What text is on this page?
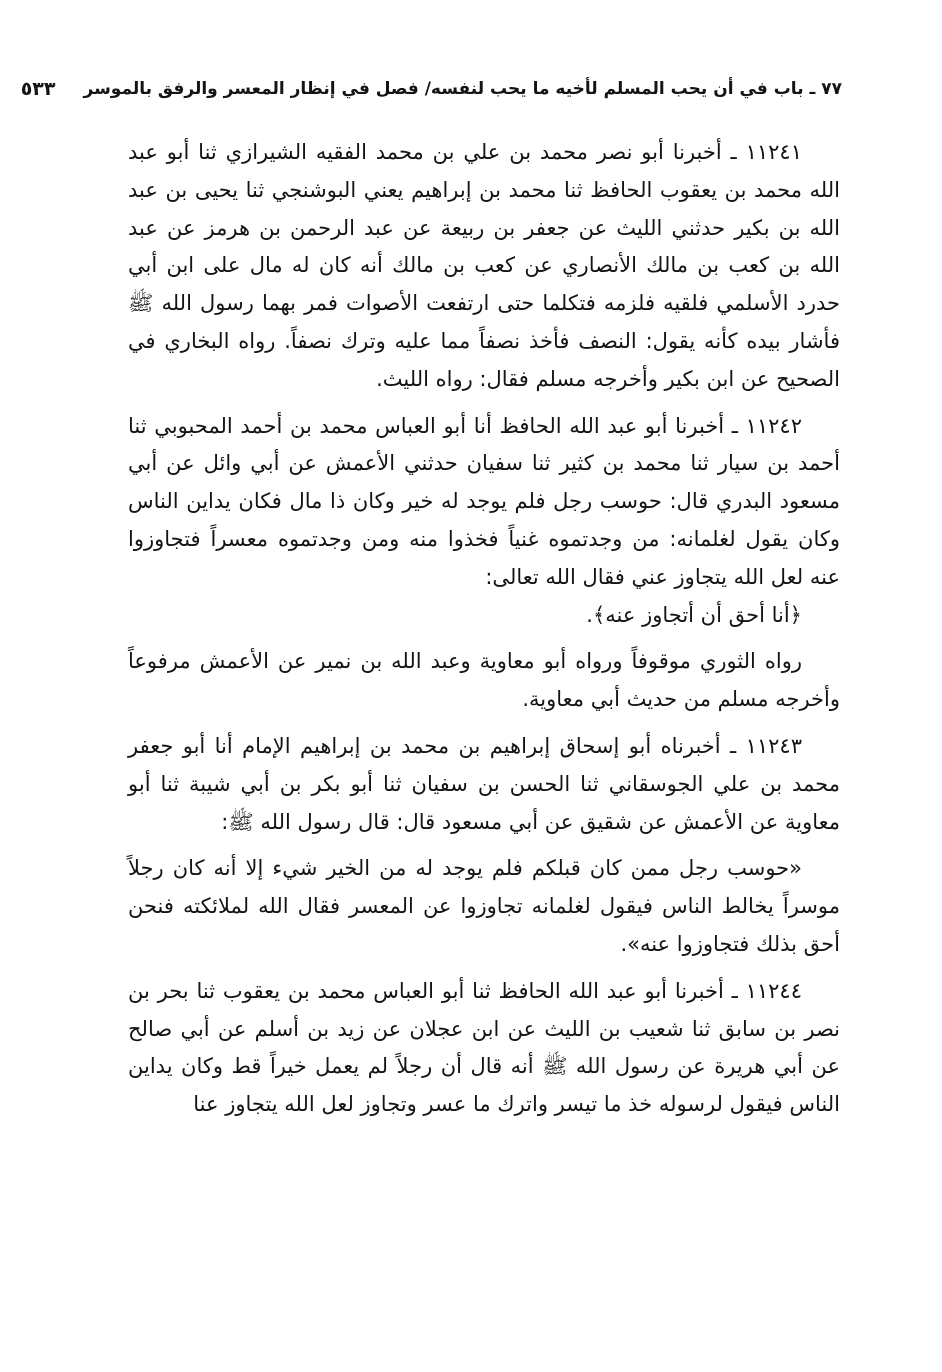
٧٧ ـ باب في أن يحب المسلم لأخيه ما يحب لنفسه/ فصل في إنظار المعسر والرفق بالموسر
٥٣٣

١١٢٤١ ـ أخبرنا أبو نصر محمد بن علي بن محمد الفقيه الشيرازي ثنا أبو عبد الله محمد بن يعقوب الحافظ ثنا محمد بن إبراهيم يعني البوشنجي ثنا يحيى بن عبد الله بن بكير حدثني الليث عن جعفر بن ربيعة عن عبد الرحمن بن هرمز عن عبد الله بن كعب بن مالك الأنصاري عن كعب بن مالك أنه كان له مال على ابن أبي حدرد الأسلمي فلقيه فلزمه فتكلما حتى ارتفعت الأصوات فمر بهما رسول الله ﷺ فأشار بيده كأنه يقول: النصف فأخذ نصفاً مما عليه وترك نصفاً. رواه البخاري في الصحيح عن ابن بكير وأخرجه مسلم فقال: رواه الليث.

١١٢٤٢ ـ أخبرنا أبو عبد الله الحافظ أنا أبو العباس محمد بن أحمد المحبوبي ثنا أحمد بن سيار ثنا محمد بن كثير ثنا سفيان حدثني الأعمش عن أبي وائل عن أبي مسعود البدري قال: حوسب رجل فلم يوجد له خير وكان ذا مال فكان يداين الناس وكان يقول لغلمانه: من وجدتموه غنياً فخذوا منه ومن وجدتموه معسراً فتجاوزوا عنه لعل الله يتجاوز عني فقال الله تعالى:

﴿أنا أحق أن أتجاوز عنه﴾.

رواه الثوري موقوفاً ورواه أبو معاوية وعبد الله بن نمير عن الأعمش مرفوعاً وأخرجه مسلم من حديث أبي معاوية.

١١٢٤٣ ـ أخبرناه أبو إسحاق إبراهيم بن محمد بن إبراهيم الإمام أنا أبو جعفر محمد بن علي الجوسقاني ثنا الحسن بن سفيان ثنا أبو بكر بن أبي شيبة ثنا أبو معاوية عن الأعمش عن شقيق عن أبي مسعود قال: قال رسول الله ﷺ:

«حوسب رجل ممن كان قبلكم فلم يوجد له من الخير شيء إلا أنه كان رجلاً موسراً يخالط الناس فيقول لغلمانه تجاوزوا عن المعسر فقال الله لملائكته فنحن أحق بذلك فتجاوزوا عنه».

١١٢٤٤ ـ أخبرنا أبو عبد الله الحافظ ثنا أبو العباس محمد بن يعقوب ثنا بحر بن نصر بن سابق ثنا شعيب بن الليث عن ابن عجلان عن زيد بن أسلم عن أبي صالح عن أبي هريرة عن رسول الله ﷺ أنه قال أن رجلاً لم يعمل خيراً قط وكان يداين الناس فيقول لرسوله خذ ما تيسر واترك ما عسر وتجاوز لعل الله يتجاوز عنا
